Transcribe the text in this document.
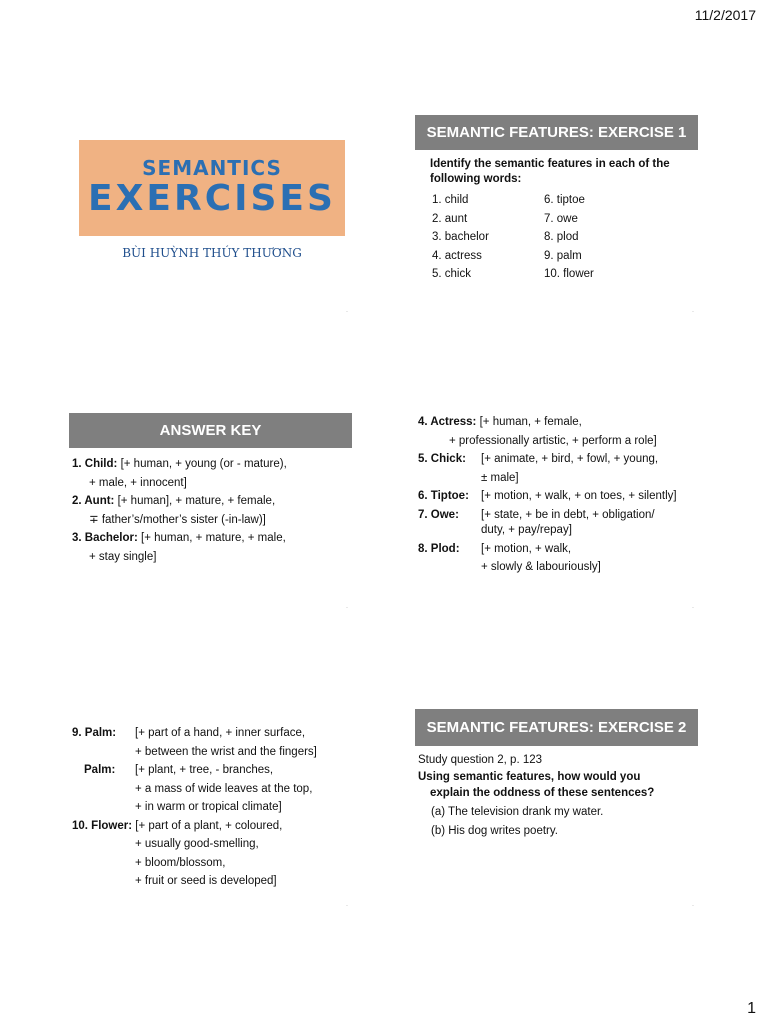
11/2/2017
SEMANTICS
EXERCISES
BÙI HUỲNH THÚY THƯƠNG
·
SEMANTIC FEATURES: EXERCISE 1
Identify the semantic features in each of the
following words:
1. child
2. aunt
3. bachelor
4. actress
5. chick
6. tiptoe
7. owe
8. plod
9. palm
10. flower
·
ANSWER KEY
1. Child: [+ human, + young (or - mature),
+ male, + innocent]
2. Aunt: [+ human], + mature, + female,
∓ father’s/mother’s sister (-in-law)]
3. Bachelor: [+ human, + mature, + male,
+ stay single]
·
4. Actress: [+ human, + female,
+ professionally artistic, + perform a role]
5. Chick: [+ animate, + bird, + fowl, + young,
± male]
6. Tiptoe: [+ motion, + walk, + on toes, + silently]
7. Owe: [+ state, + be in debt, + obligation/
duty, + pay/repay]
8. Plod: [+ motion, + walk,
+ slowly & labouriously]
·
9. Palm: [+ part of a hand, + inner surface,
+ between the wrist and the fingers]
Palm: [+ plant, + tree, - branches,
+ a mass of wide leaves at the top,
+ in warm or tropical climate]
10. Flower: [+ part of a plant, + coloured,
+ usually good-smelling,
+ bloom/blossom,
+ fruit or seed is developed]
·
SEMANTIC FEATURES: EXERCISE 2
Study question 2, p. 123
Using semantic features, how would you
explain the oddness of these sentences?
(a) The television drank my water.
(b) His dog writes poetry.
·
1
